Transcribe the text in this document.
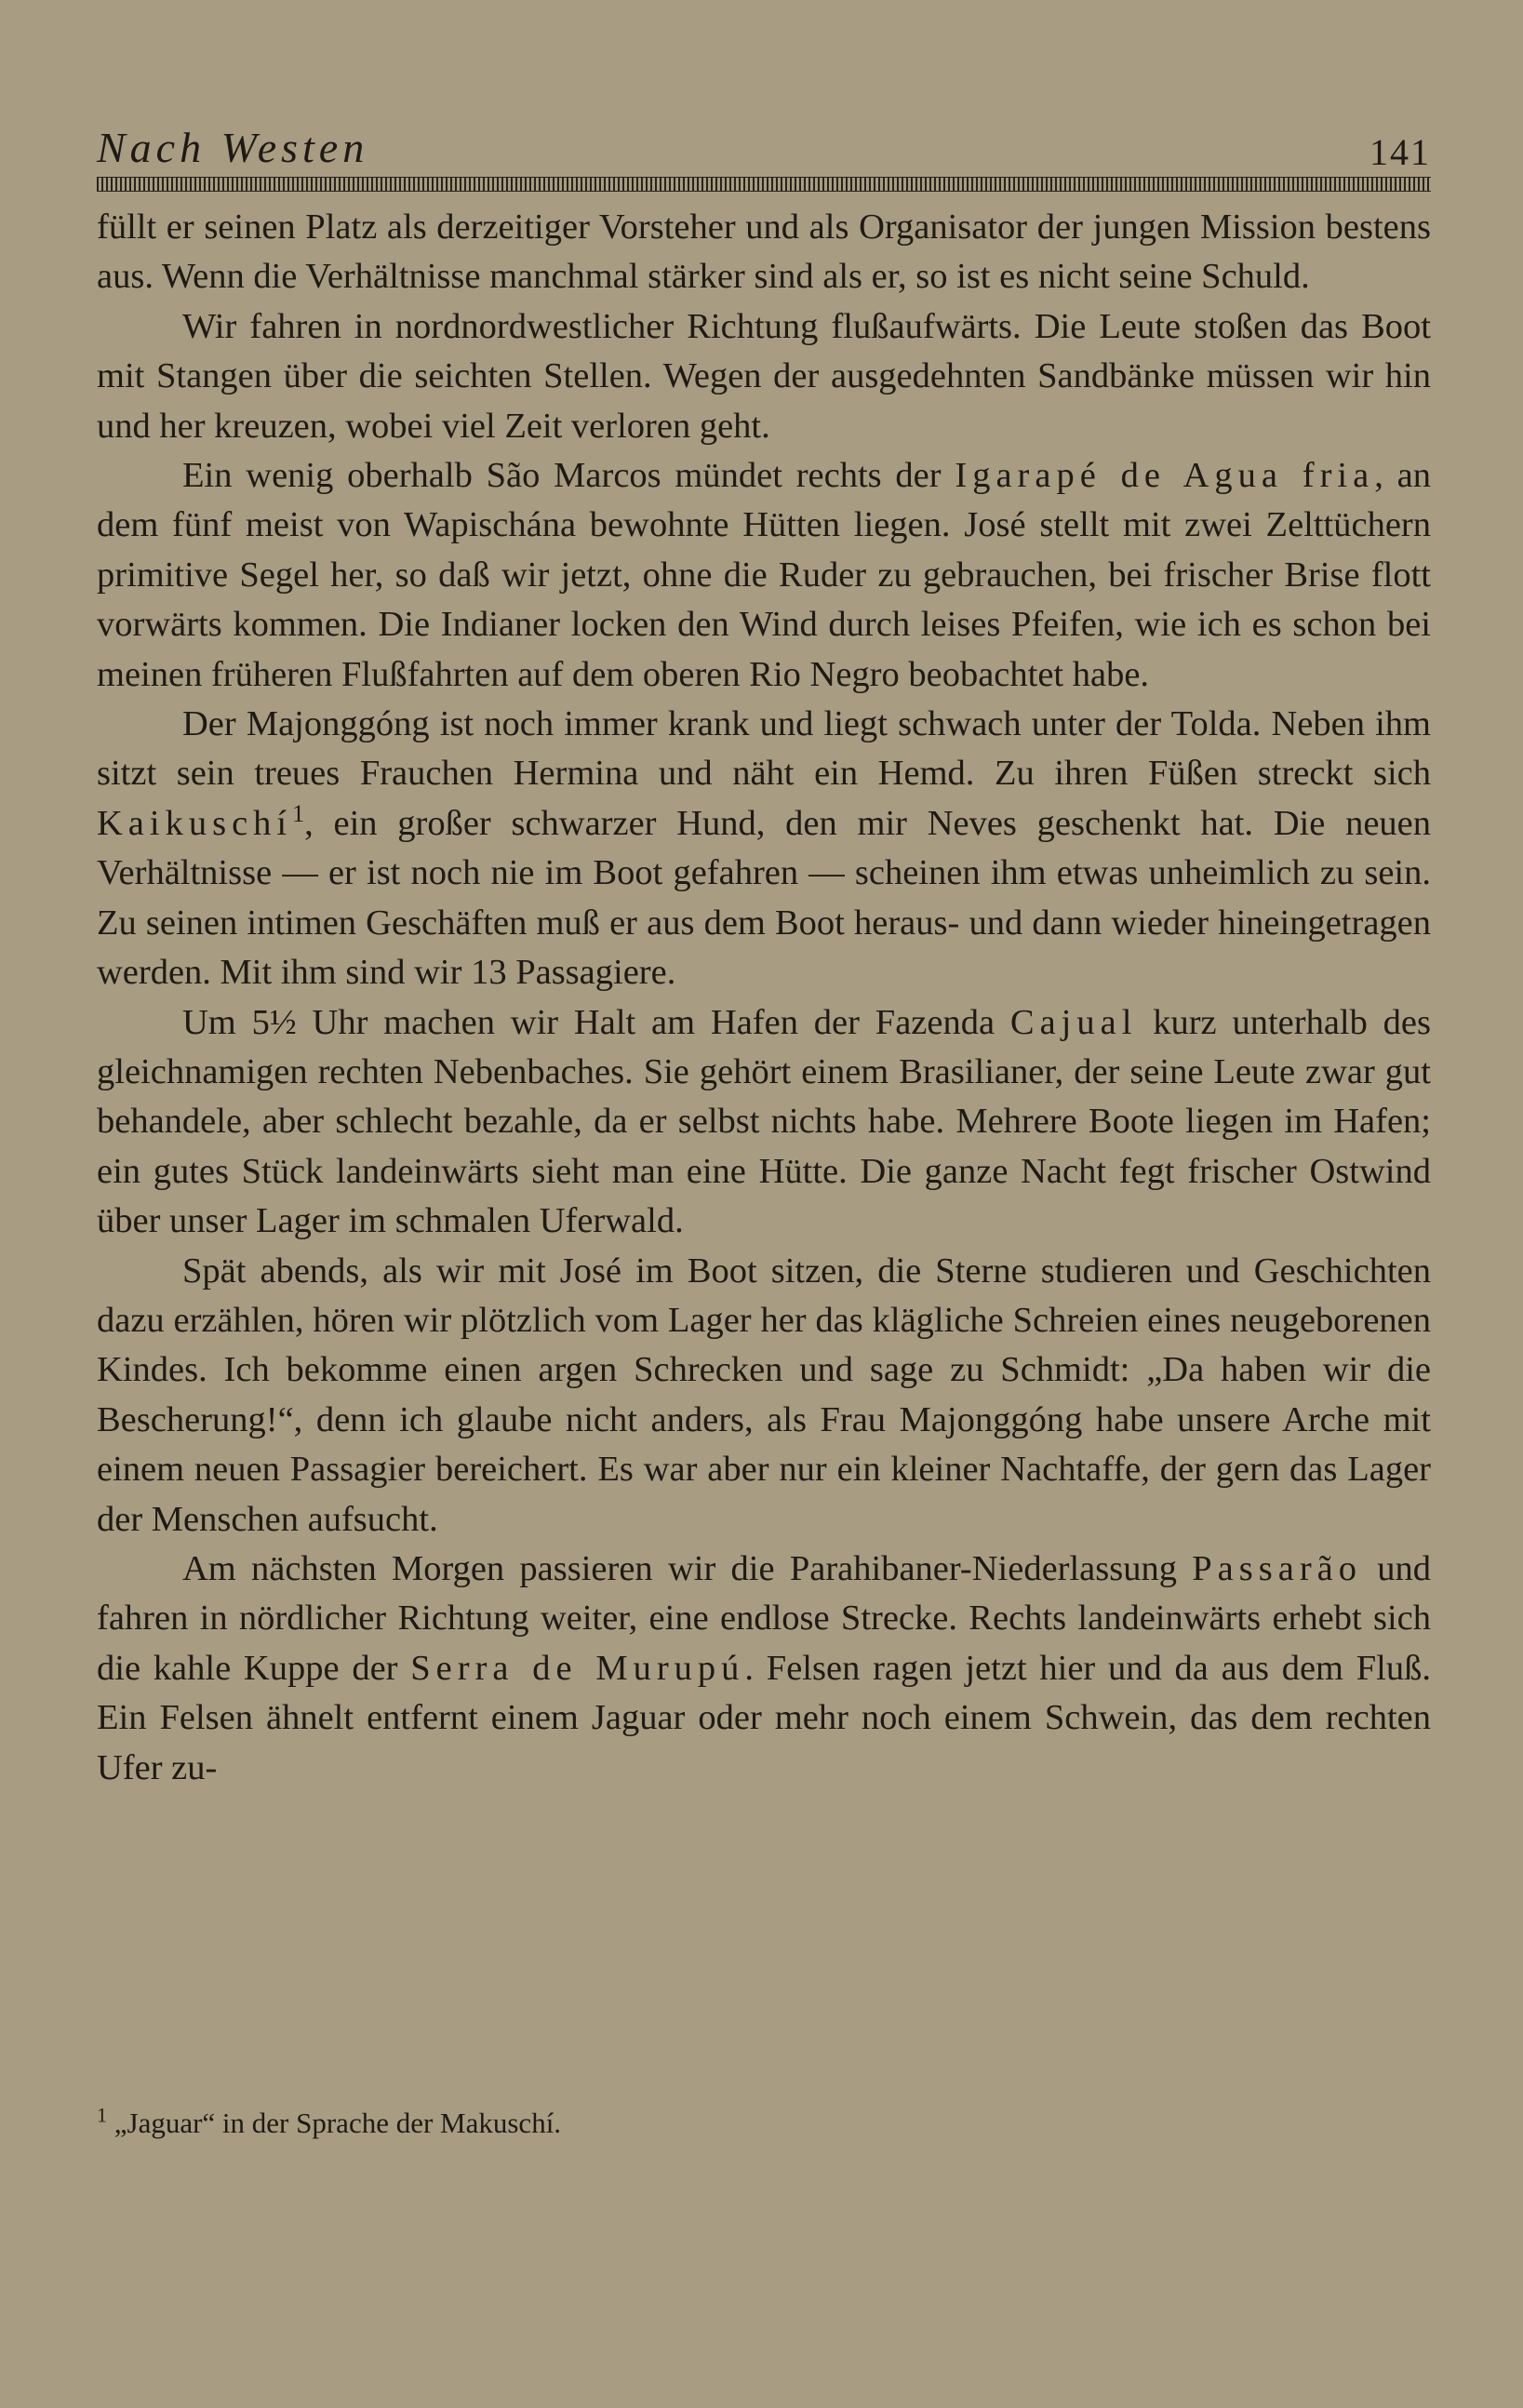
Nach Westen	141

füllt er seinen Platz als derzeitiger Vorsteher und als Organisator der jungen Mission bestens aus. Wenn die Verhältnisse manchmal stärker sind als er, so ist es nicht seine Schuld.

Wir fahren in nordnordwestlicher Richtung flußaufwärts. Die Leute stoßen das Boot mit Stangen über die seichten Stellen. Wegen der ausgedehnten Sandbänke müssen wir hin und her kreuzen, wobei viel Zeit verloren geht.

Ein wenig oberhalb São Marcos mündet rechts der Igarapé de Agua fria, an dem fünf meist von Wapischána bewohnte Hütten liegen. José stellt mit zwei Zelttüchern primitive Segel her, so daß wir jetzt, ohne die Ruder zu gebrauchen, bei frischer Brise flott vorwärts kommen. Die Indianer locken den Wind durch leises Pfeifen, wie ich es schon bei meinen früheren Flußfahrten auf dem oberen Rio Negro beobachtet habe.

Der Majonggóng ist noch immer krank und liegt schwach unter der Tolda. Neben ihm sitzt sein treues Frauchen Hermina und näht ein Hemd. Zu ihren Füßen streckt sich Kaikuschí$^1$, ein großer schwarzer Hund, den mir Neves geschenkt hat. Die neuen Verhältnisse — er ist noch nie im Boot gefahren — scheinen ihm etwas unheimlich zu sein. Zu seinen intimen Geschäften muß er aus dem Boot heraus- und dann wieder hineingetragen werden. Mit ihm sind wir 13 Passagiere.

Um 5½ Uhr machen wir Halt am Hafen der Fazenda Cajual kurz unterhalb des gleichnamigen rechten Nebenbaches. Sie gehört einem Brasilianer, der seine Leute zwar gut behandele, aber schlecht bezahle, da er selbst nichts habe. Mehrere Boote liegen im Hafen; ein gutes Stück landeinwärts sieht man eine Hütte. Die ganze Nacht fegt frischer Ostwind über unser Lager im schmalen Uferwald.

Spät abends, als wir mit José im Boot sitzen, die Sterne studieren und Geschichten dazu erzählen, hören wir plötzlich vom Lager her das klägliche Schreien eines neugeborenen Kindes. Ich bekomme einen argen Schrecken und sage zu Schmidt: „Da haben wir die Bescherung!“, denn ich glaube nicht anders, als Frau Majonggóng habe unsere Arche mit einem neuen Passagier bereichert. Es war aber nur ein kleiner Nachtaffe, der gern das Lager der Menschen aufsucht.

Am nächsten Morgen passieren wir die Parahibaner-Niederlassung Passarão und fahren in nördlicher Richtung weiter, eine endlose Strecke. Rechts landeinwärts erhebt sich die kahle Kuppe der Serra de Murupú. Felsen ragen jetzt hier und da aus dem Fluß. Ein Felsen ähnelt entfernt einem Jaguar oder mehr noch einem Schwein, das dem rechten Ufer zu-

$^1$ „Jaguar“ in der Sprache der Makuschí.
